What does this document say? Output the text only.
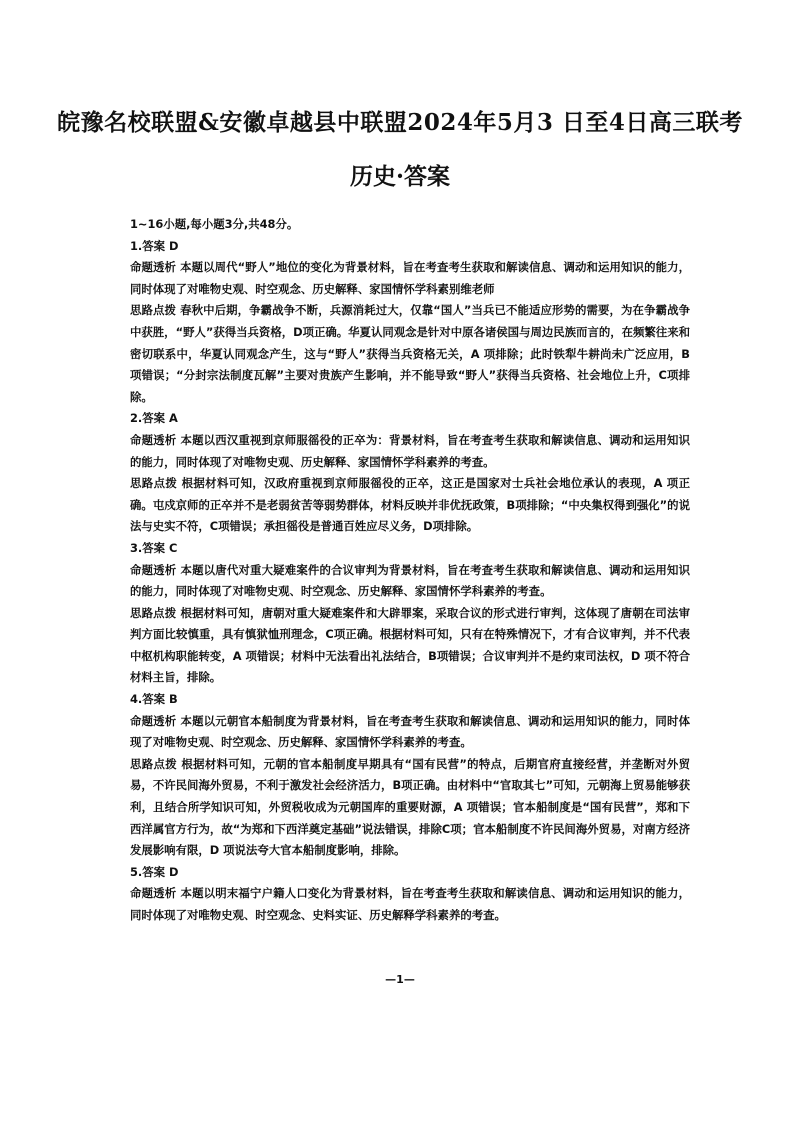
皖豫名校联盟&安徽卓越县中联盟2024年5月3 日至4日高三联考
历史·答案

1~16小题,每小题3分,共48分。

1.答案 D

命题透析 本题以周代“野人”地位的变化为背景材料，旨在考查考生获取和解读信息、调动和运用知识的能力，同时体现了对唯物史观、时空观念、历史解释、家国情怀学科素别维老师

思路点拨 春秋中后期，争霸战争不断，兵源消耗过大，仅靠“国人”当兵已不能适应形势的需要，为在争霸战争中获胜，“野人”获得当兵资格，D项正确。华夏认同观念是针对中原各诸侯国与周边民族而言的，在频繁往来和密切联系中，华夏认同观念产生，这与“野人”获得当兵资格无关，A 项排除；此时铁犁牛耕尚未广泛应用，B项错误；“分封宗法制度瓦解”主要对贵族产生影响，并不能导致“野人”获得当兵资格、社会地位上升，C项排除。

2.答案 A

命题透析 本题以西汉重视到京师服徭役的正卒为：背景材料，旨在考查考生获取和解读信息、调动和运用知识的能力，同时体现了对唯物史观、历史解释、家国情怀学科素养的考查。

思路点拨 根据材料可知，汉政府重视到京师服徭役的正卒，这正是国家对士兵社会地位承认的表现，A 项正确。屯戍京师的正卒并不是老弱贫苦等弱势群体，材料反映并非优抚政策，B项排除；“中央集权得到强化”的说法与史实不符，C项错误；承担徭役是普通百姓应尽义务，D项排除。

3.答案 C

命题透析 本题以唐代对重大疑难案件的合议审判为背景材料，旨在考查考生获取和解读信息、调动和运用知识的能力，同时体现了对唯物史观、时空观念、历史解释、家国情怀学科素养的考查。

思路点拨 根据材料可知，唐朝对重大疑难案件和大辟罪案，采取合议的形式进行审判，这体现了唐朝在司法审判方面比较慎重，具有慎狱恤刑理念，C项正确。根据材料可知，只有在特殊情况下，才有合议审判，并不代表中枢机构职能转变，A 项错误；材料中无法看出礼法结合，B项错误；合议审判并不是约束司法权，D 项不符合材料主旨，排除。

4.答案 B

命题透析 本题以元朝官本船制度为背景材料，旨在考查考生获取和解读信息、调动和运用知识的能力，同时体现了对唯物史观、时空观念、历史解释、家国情怀学科素养的考查。

思路点拨 根据材料可知，元朝的官本船制度早期具有“国有民营”的特点，后期官府直接经营，并垄断对外贸易，不许民间海外贸易，不利于激发社会经济活力，B项正确。由材料中“官取其七”可知，元朝海上贸易能够获利，且结合所学知识可知，外贸税收成为元朝国库的重要财源，A 项错误；官本船制度是“国有民营”，郑和下西洋属官方行为，故“为郑和下西洋奠定基础”说法错误，排除C项；官本船制度不许民间海外贸易，对南方经济发展影响有限，D 项说法夸大官本船制度影响，排除。

5.答案 D

命题透析 本题以明末福宁户籍人口变化为背景材料，旨在考查考生获取和解读信息、调动和运用知识的能力，同时体现了对唯物史观、时空观念、史料实证、历史解释学科素养的考查。

—1—
